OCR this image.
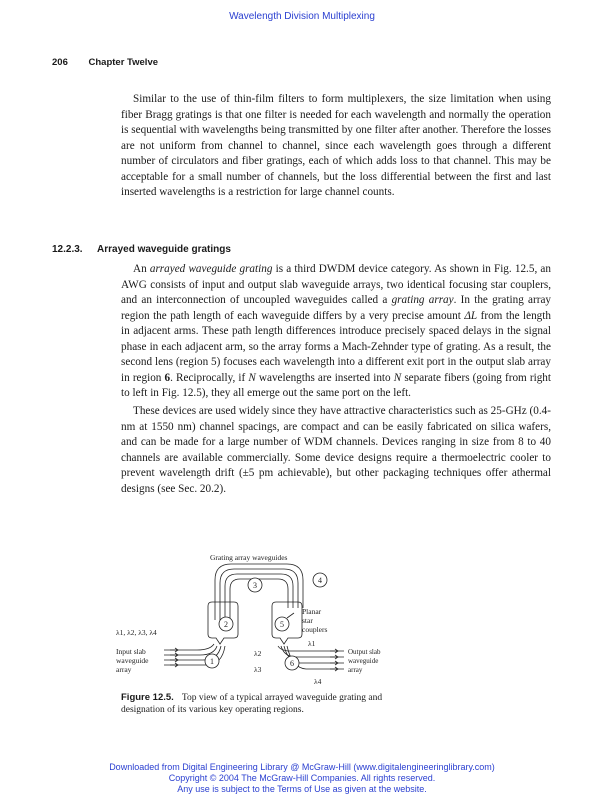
Wavelength Division Multiplexing
206 Chapter Twelve

Similar to the use of thin-film filters to form multiplexers, the size limitation when using fiber Bragg gratings is that one filter is needed for each wavelength and normally the operation is sequential with wavelengths being transmitted by one filter after another. Therefore the losses are not uniform from channel to channel, since each wavelength goes through a different number of circulators and fiber gratings, each of which adds loss to that channel. This may be acceptable for a small number of channels, but the loss differential between the first and last inserted wavelengths is a restriction for large channel counts.

12.2.3. Arrayed waveguide gratings

An arrayed waveguide grating is a third DWDM device category. As shown in Fig. 12.5, an AWG consists of input and output slab waveguide arrays, two identical focusing star couplers, and an interconnection of uncoupled waveguides called a grating array. In the grating array region the path length of each waveguide differs by a very precise amount ΔL from the length in adjacent arms. These path length differences introduce precisely spaced delays in the signal phase in each adjacent arm, so the array forms a Mach-Zehnder type of grating. As a result, the second lens (region 5) focuses each wavelength into a different exit port in the output slab array in region 6. Reciprocally, if N wavelengths are inserted into N separate fibers (going from right to left in Fig. 12.5), they all emerge out the same port on the left.

These devices are used widely since they have attractive characteristics such as 25-GHz (0.4-nm at 1550 nm) channel spacings, are compact and can be easily fabricated on silica wafers, and can be made for a large number of WDM channels. Devices ranging in size from 8 to 40 channels are available commercially. Some device designs require a thermoelectric cooler to prevent wavelength drift (±5 pm achievable), but other packaging techniques offer athermal designs (see Sec. 20.2).

1
2
3
4
5
6
Grating array waveguides
λ1, λ2, λ3, λ4
Input slab
waveguide
array
Planar
star
couplers
Output slab
waveguide
array
λ1
λ2
λ3
λ4
Figure 12.5. Top view of a typical arrayed waveguide grating and designation of its various key operating regions.
Downloaded from Digital Engineering Library @ McGraw-Hill (www.digitalengineeringlibrary.com)
Copyright © 2004 The McGraw-Hill Companies. All rights reserved.
Any use is subject to the Terms of Use as given at the website.
